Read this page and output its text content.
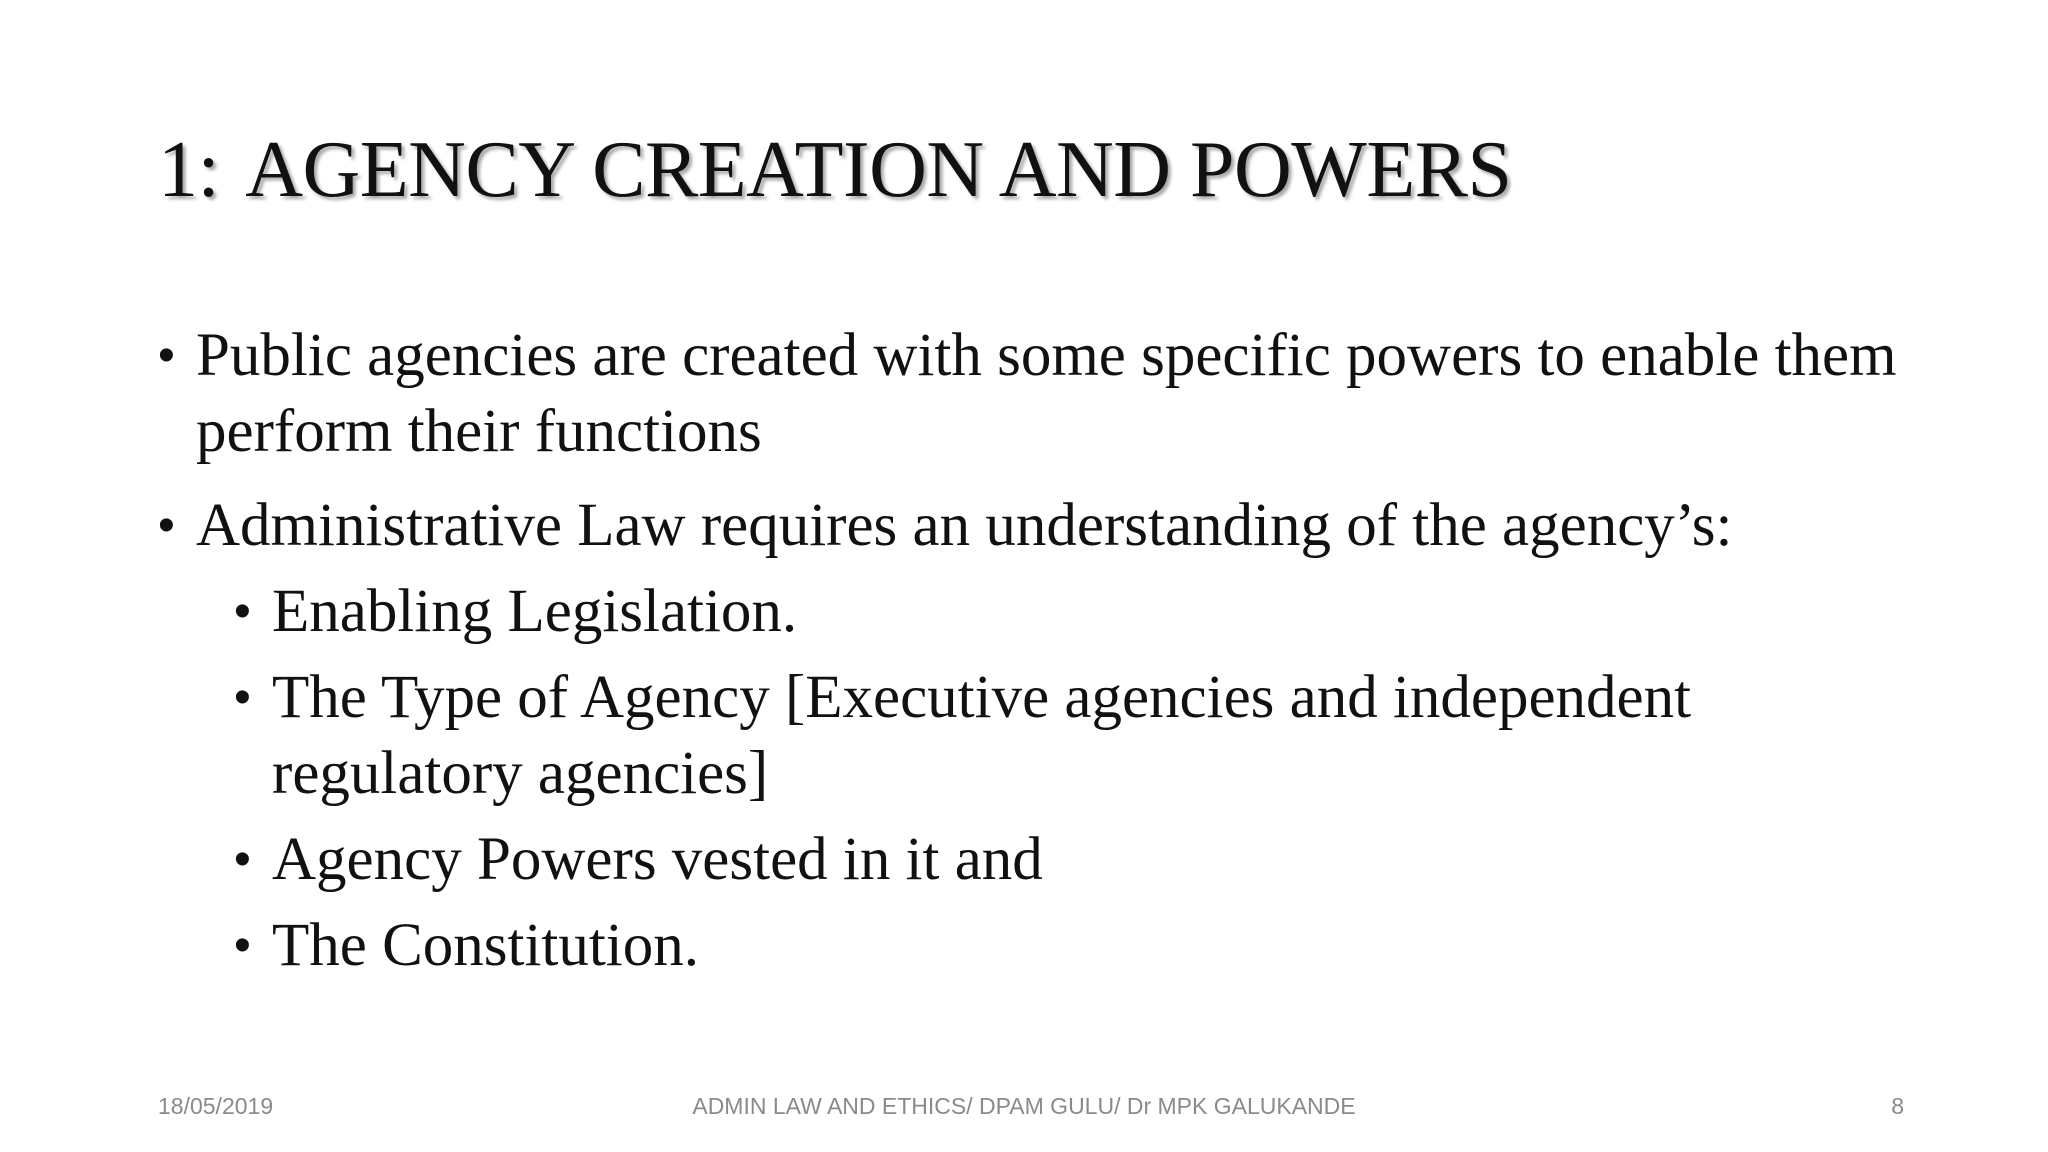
1: AGENCY CREATION AND POWERS

• Public agencies are created with some specific powers to enable them perform their functions

• Administrative Law requires an understanding of the agency’s:

• Enabling Legislation.

• The Type of Agency [Executive agencies and independent regulatory agencies]

• Agency Powers vested in it and

• The Constitution.

18/05/2019	ADMIN LAW AND ETHICS/ DPAM GULU/ Dr MPK GALUKANDE	8
